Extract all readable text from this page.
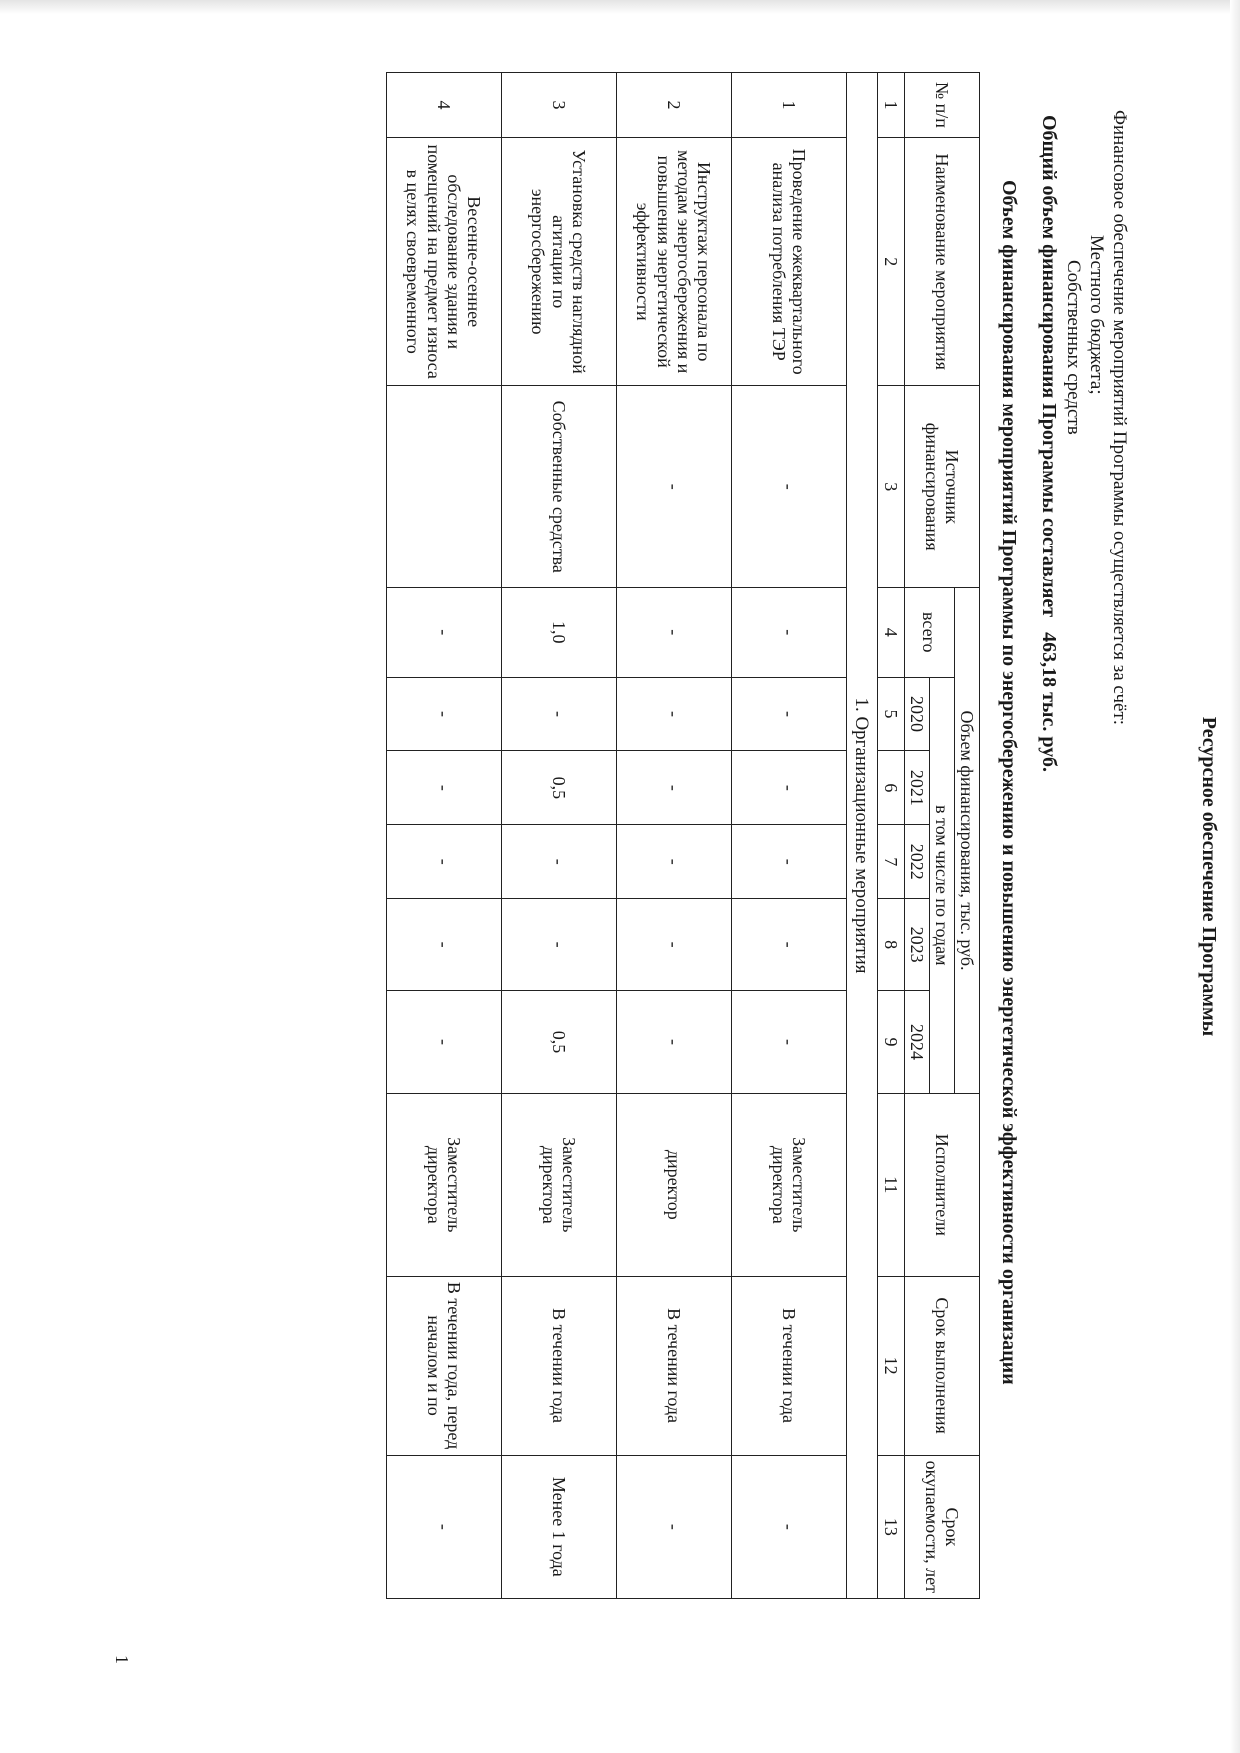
Ресурсное обеспечение Программы
Финансовое обеспечение мероприятий Программы осуществляется за счёт:
Местного бюджета;
Собственных средств
Общий объем финансирования Программы составляет   463,18 тыс. руб.
Объем финансирования мероприятий Программы по энергосбережению и повышению энергетической эффективности организации
№ п/п	Наименование мероприятия	Источник финансирования	Объем финансирования, тыс. руб.						Исполнители	Срок выполнения	Срок окупаемости, лет
			всего	в том числе по годам							
				2020	2021	2022	2023	2024			
1	2	3	4	5	6	7	8	9	11	12	13
1. Организационные мероприятия											
1	Проведение ежеквартального анализа потребления ТЭР	-	-	-	-	-	-	-	Заместитель директора	В течении года	-
2	Инструктаж персонала по методам энергосбережения и повышения энергетической эффективности	-	-	-	-	-	-	-	директор	В течении года	-
3	Установка средств наглядной агитации по энергосбережению	Собственные средства	1,0	-	0,5	-	-	0,5	Заместитель директора	В течении года	Менее 1 года
4	Весенне-осеннее обследование здания и помещений на предмет износа в целях своевременного		-	-	-	-	-	-	Заместитель директора	В течении года, перед началом и по	-
1
